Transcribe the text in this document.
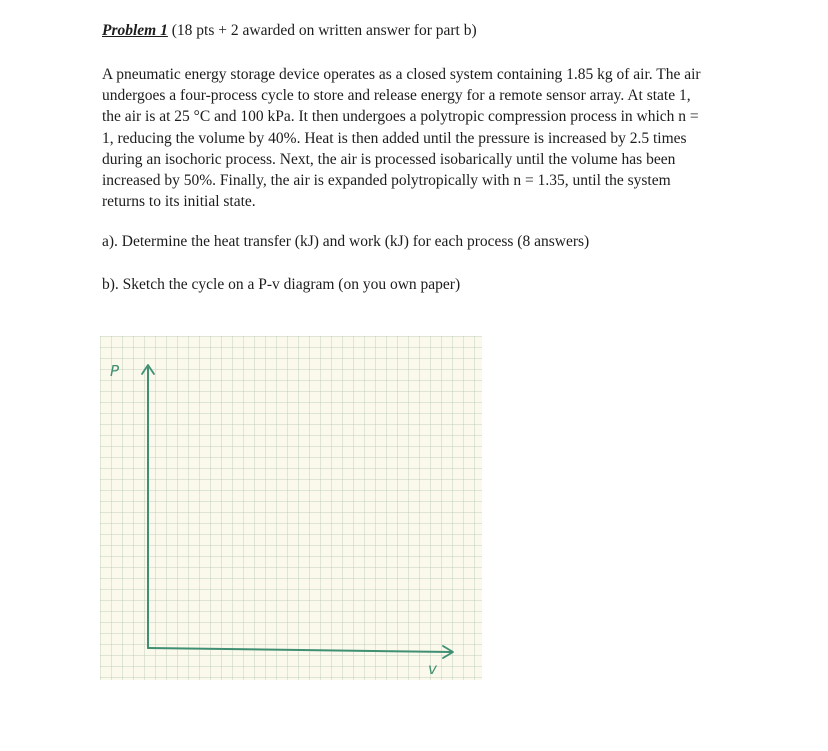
Problem 1 (18 pts + 2 awarded on written answer for part b)
A pneumatic energy storage device operates as a closed system containing 1.85 kg of air. The air
undergoes a four-process cycle to store and release energy for a remote sensor array. At state 1,
the air is at 25 °C and 100 kPa. It then undergoes a polytropic compression process in which n =
1, reducing the volume by 40%. Heat is then added until the pressure is increased by 2.5 times
during an isochoric process. Next, the air is processed isobarically until the volume has been
increased by 50%. Finally, the air is expanded polytropically with n = 1.35, until the system
returns to its initial state.
a). Determine the heat transfer (kJ) and work (kJ) for each process (8 answers)
b). Sketch the cycle on a P-v diagram (on you own paper)
P
v
